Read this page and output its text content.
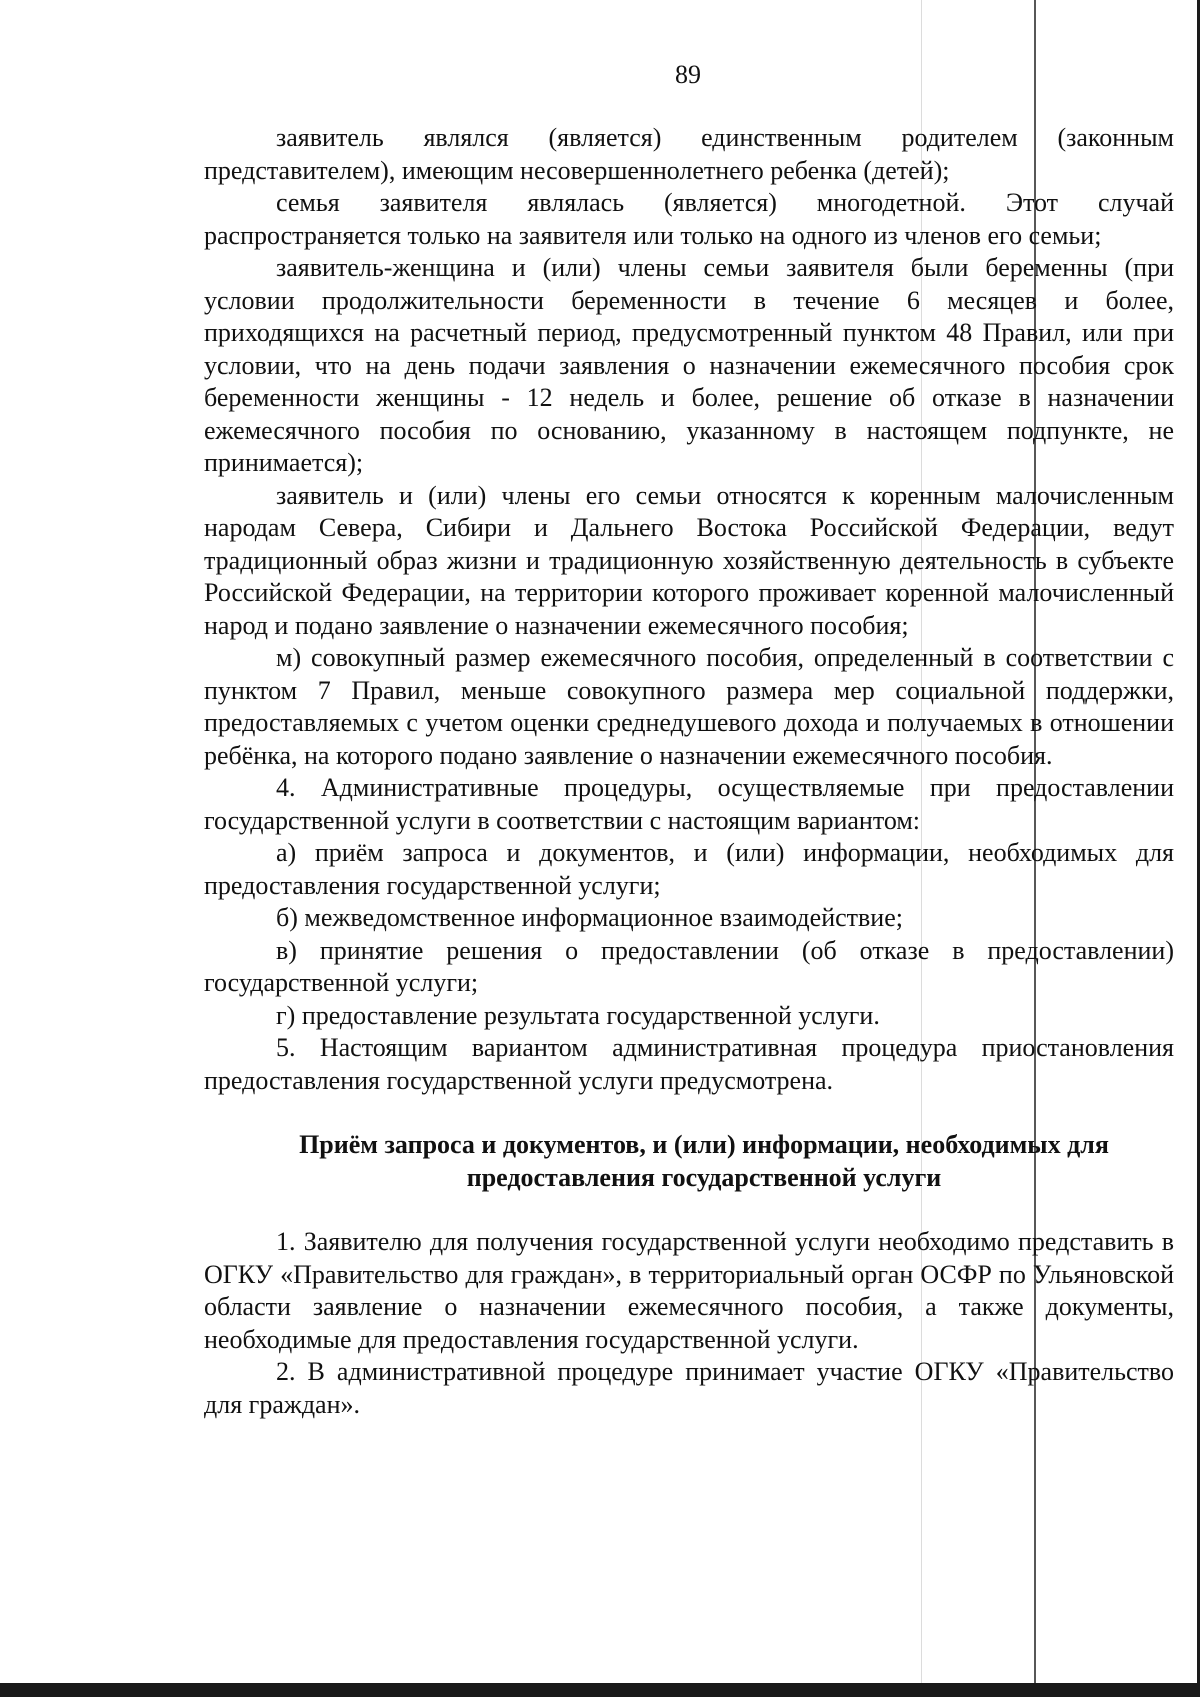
89

заявитель являлся (является) единственным родителем (законным представителем), имеющим несовершеннолетнего ребенка (детей);

семья заявителя являлась (является) многодетной. Этот случай распространяется только на заявителя или только на одного из членов его семьи;

заявитель-женщина и (или) члены семьи заявителя были беременны (при условии продолжительности беременности в течение 6 месяцев и более, приходящихся на расчетный период, предусмотренный пунктом 48 Правил, или при условии, что на день подачи заявления о назначении ежемесячного пособия срок беременности женщины - 12 недель и более, решение об отказе в назначении ежемесячного пособия по основанию, указанному в настоящем подпункте, не принимается);

заявитель и (или) члены его семьи относятся к коренным малочисленным народам Севера, Сибири и Дальнего Востока Российской Федерации, ведут традиционный образ жизни и традиционную хозяйственную деятельность в субъекте Российской Федерации, на территории которого проживает коренной малочисленный народ и подано заявление о назначении ежемесячного пособия;

м) совокупный размер ежемесячного пособия, определенный в соответствии с пунктом 7 Правил, меньше совокупного размера мер социальной поддержки, предоставляемых с учетом оценки среднедушевого дохода и получаемых в отношении ребёнка, на которого подано заявление о назначении ежемесячного пособия.

4. Административные процедуры, осуществляемые при предоставлении государственной услуги в соответствии с настоящим вариантом:

а) приём запроса и документов, и (или) информации, необходимых для предоставления государственной услуги;

б) межведомственное информационное взаимодействие;

в) принятие решения о предоставлении (об отказе в предоставлении) государственной услуги;

г) предоставление результата государственной услуги.

5. Настоящим вариантом административная процедура приостановления предоставления государственной услуги предусмотрена.

Приём запроса и документов, и (или) информации, необходимых для
предоставления государственной услуги

1. Заявителю для получения государственной услуги необходимо представить в ОГКУ «Правительство для граждан», в территориальный орган ОСФР по Ульяновской области заявление о назначении ежемесячного пособия, а также документы, необходимые для предоставления государственной услуги.

2. В административной процедуре принимает участие ОГКУ «Правительство для граждан».
